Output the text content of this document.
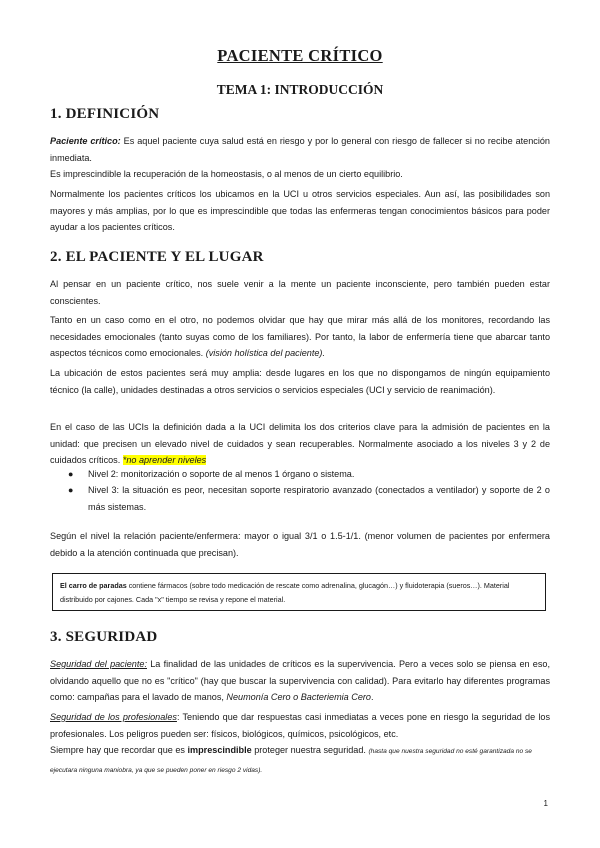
PACIENTE CRÍTICO
TEMA 1: INTRODUCCIÓN
1. DEFINICIÓN

Paciente crítico: Es aquel paciente cuya salud está en riesgo y por lo general con riesgo de fallecer si no recibe atención inmediata.

Es imprescindible la recuperación de la homeostasis, o al menos de un cierto equilibrio.

Normalmente los pacientes críticos los ubicamos en la UCI u otros servicios especiales. Aun así, las posibilidades son mayores y más amplias, por lo que es imprescindible que todas las enfermeras tengan conocimientos básicos para poder ayudar a los pacientes críticos.

2. EL PACIENTE Y EL LUGAR

Al pensar en un paciente crítico, nos suele venir a la mente un paciente inconsciente, pero también pueden estar conscientes.

Tanto en un caso como en el otro, no podemos olvidar que hay que mirar más allá de los monitores, recordando las necesidades emocionales (tanto suyas como de los familiares). Por tanto, la labor de enfermería tiene que abarcar tanto aspectos técnicos como emocionales. (visión holística del paciente).

La ubicación de estos pacientes será muy amplia: desde lugares en los que no dispongamos de ningún equipamiento técnico (la calle), unidades destinadas a otros servicios o servicios especiales (UCI y servicio de reanimación).

En el caso de las UCIs la definición dada a la UCI delimita los dos criterios clave para la admisión de pacientes en la unidad: que precisen un elevado nivel de cuidados y sean recuperables. Normalmente asociado a los niveles 3 y 2 de cuidados críticos. *no aprender niveles

● Nivel 2: monitorización o soporte de al menos 1 órgano o sistema.
● Nivel 3: la situación es peor, necesitan soporte respiratorio avanzado (conectados a ventilador) y soporte de 2 o más sistemas.

Según el nivel la relación paciente/enfermera: mayor o igual 3/1 o 1.5-1/1. (menor volumen de pacientes por enfermera debido a la atención continuada que precisan).

El carro de paradas contiene fármacos (sobre todo medicación de rescate como adrenalina, glucagón…) y fluidoterapia (sueros…). Material distribuido por cajones. Cada "x" tiempo se revisa y repone el material.
3. SEGURIDAD

Seguridad del paciente: La finalidad de las unidades de críticos es la supervivencia. Pero a veces solo se piensa en eso, olvidando aquello que no es "crítico" (hay que buscar la supervivencia con calidad). Para evitarlo hay diferentes programas como: campañas para el lavado de manos, Neumonía Cero o Bacteriemia Cero.

Seguridad de los profesionales: Teniendo que dar respuestas casi inmediatas a veces pone en riesgo la seguridad de los profesionales. Los peligros pueden ser: físicos, biológicos, químicos, psicológicos, etc.

Siempre hay que recordar que es imprescindible proteger nuestra seguridad. (hasta que nuestra seguridad no esté garantizada no se ejecutara ninguna maniobra, ya que se pueden poner en riesgo 2 vidas).

1
